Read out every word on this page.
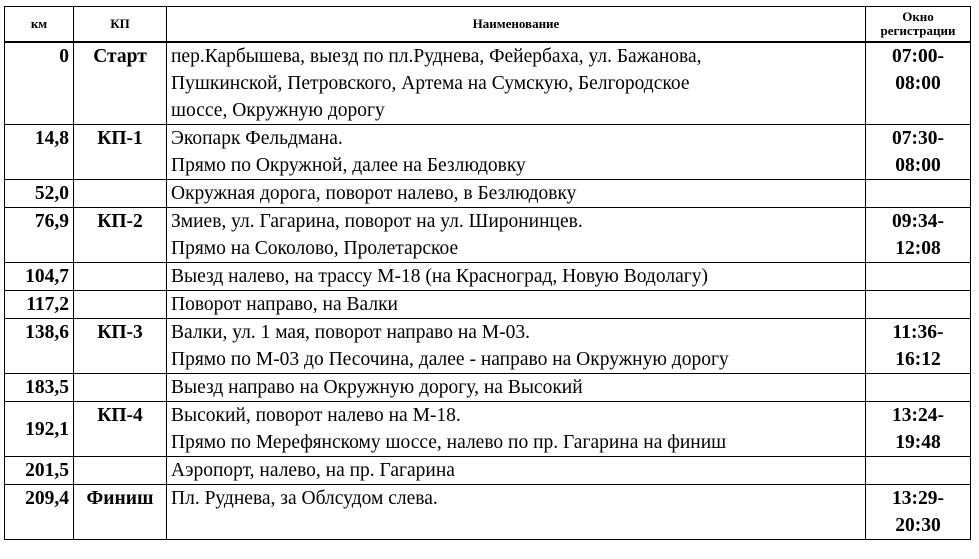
км	КП	Наименование	Окно
регистрации

0	Старт	пер.Карбышева, выезд по пл.Руднева, Фейербаха, ул. Бажанова,
Пушкинской, Петровского, Артема на Сумскую, Белгородское
шоссе, Окружную дорогу	07:00-
08:00

14,8	КП-1	Экопарк Фельдмана.
Прямо по Окружной, далее на Безлюдовку	07:30-
08:00

52,0		Окружная дорога, поворот налево, в Безлюдовку	

76,9	КП-2	Змиев, ул. Гагарина, поворот на ул. Широнинцев.
Прямо на Соколово, Пролетарское	09:34-
12:08

104,7		Выезд налево, на трассу М-18 (на Красноград, Новую Водолагу)	

117,2		Поворот направо, на Валки	

138,6	КП-3	Валки, ул. 1 мая, поворот направо на М-03.
Прямо по М-03 до Песочина, далее - направо на Окружную дорогу	11:36-
16:12

183,5		Выезд направо на Окружную дорогу, на Высокий	

192,1	КП-4	Высокий, поворот налево на М-18.
Прямо по Мерефянскому шоссе, налево по пр. Гагарина на финиш	13:24-
19:48

201,5		Аэропорт, налево, на пр. Гагарина	

209,4	Финиш	Пл. Руднева, за Облсудом слева.	13:29-
20:30
